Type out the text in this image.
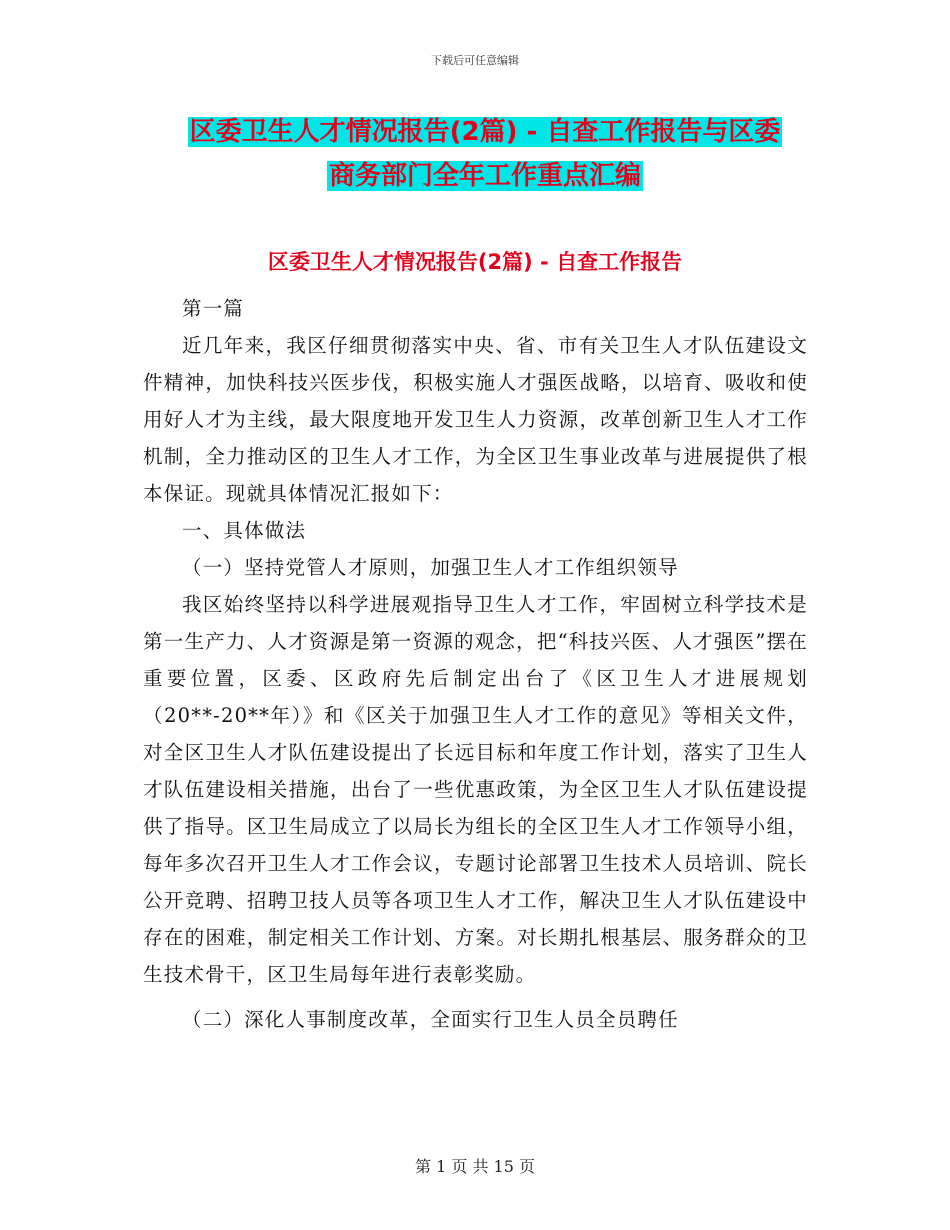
下载后可任意编辑
区委卫生人才情况报告(2篇) - 自查工作报告与区委
商务部门全年工作重点汇编
区委卫生人才情况报告(2篇) - 自查工作报告

第一篇

近几年来，我区仔细贯彻落实中央、省、市有关卫生人才队伍建设文件精神，加快科技兴医步伐，积极实施人才强医战略，以培育、吸收和使用好人才为主线，最大限度地开发卫生人力资源，改革创新卫生人才工作机制，全力推动区的卫生人才工作，为全区卫生事业改革与进展提供了根本保证。现就具体情况汇报如下：

一、具体做法

（一）坚持党管人才原则，加强卫生人才工作组织领导

我区始终坚持以科学进展观指导卫生人才工作，牢固树立科学技术是第一生产力、人才资源是第一资源的观念，把“科技兴医、人才强医”摆在重要位置，区委、区政府先后制定出台了《区卫生人才进展规划（20**-20**年）》和《区关于加强卫生人才工作的意见》等相关文件，对全区卫生人才队伍建设提出了长远目标和年度工作计划，落实了卫生人才队伍建设相关措施，出台了一些优惠政策，为全区卫生人才队伍建设提供了指导。区卫生局成立了以局长为组长的全区卫生人才工作领导小组，每年多次召开卫生人才工作会议，专题讨论部署卫生技术人员培训、院长公开竞聘、招聘卫技人员等各项卫生人才工作，解决卫生人才队伍建设中存在的困难，制定相关工作计划、方案。对长期扎根基层、服务群众的卫生技术骨干，区卫生局每年进行表彰奖励。

（二）深化人事制度改革，全面实行卫生人员全员聘任

第 1 页 共 15 页
